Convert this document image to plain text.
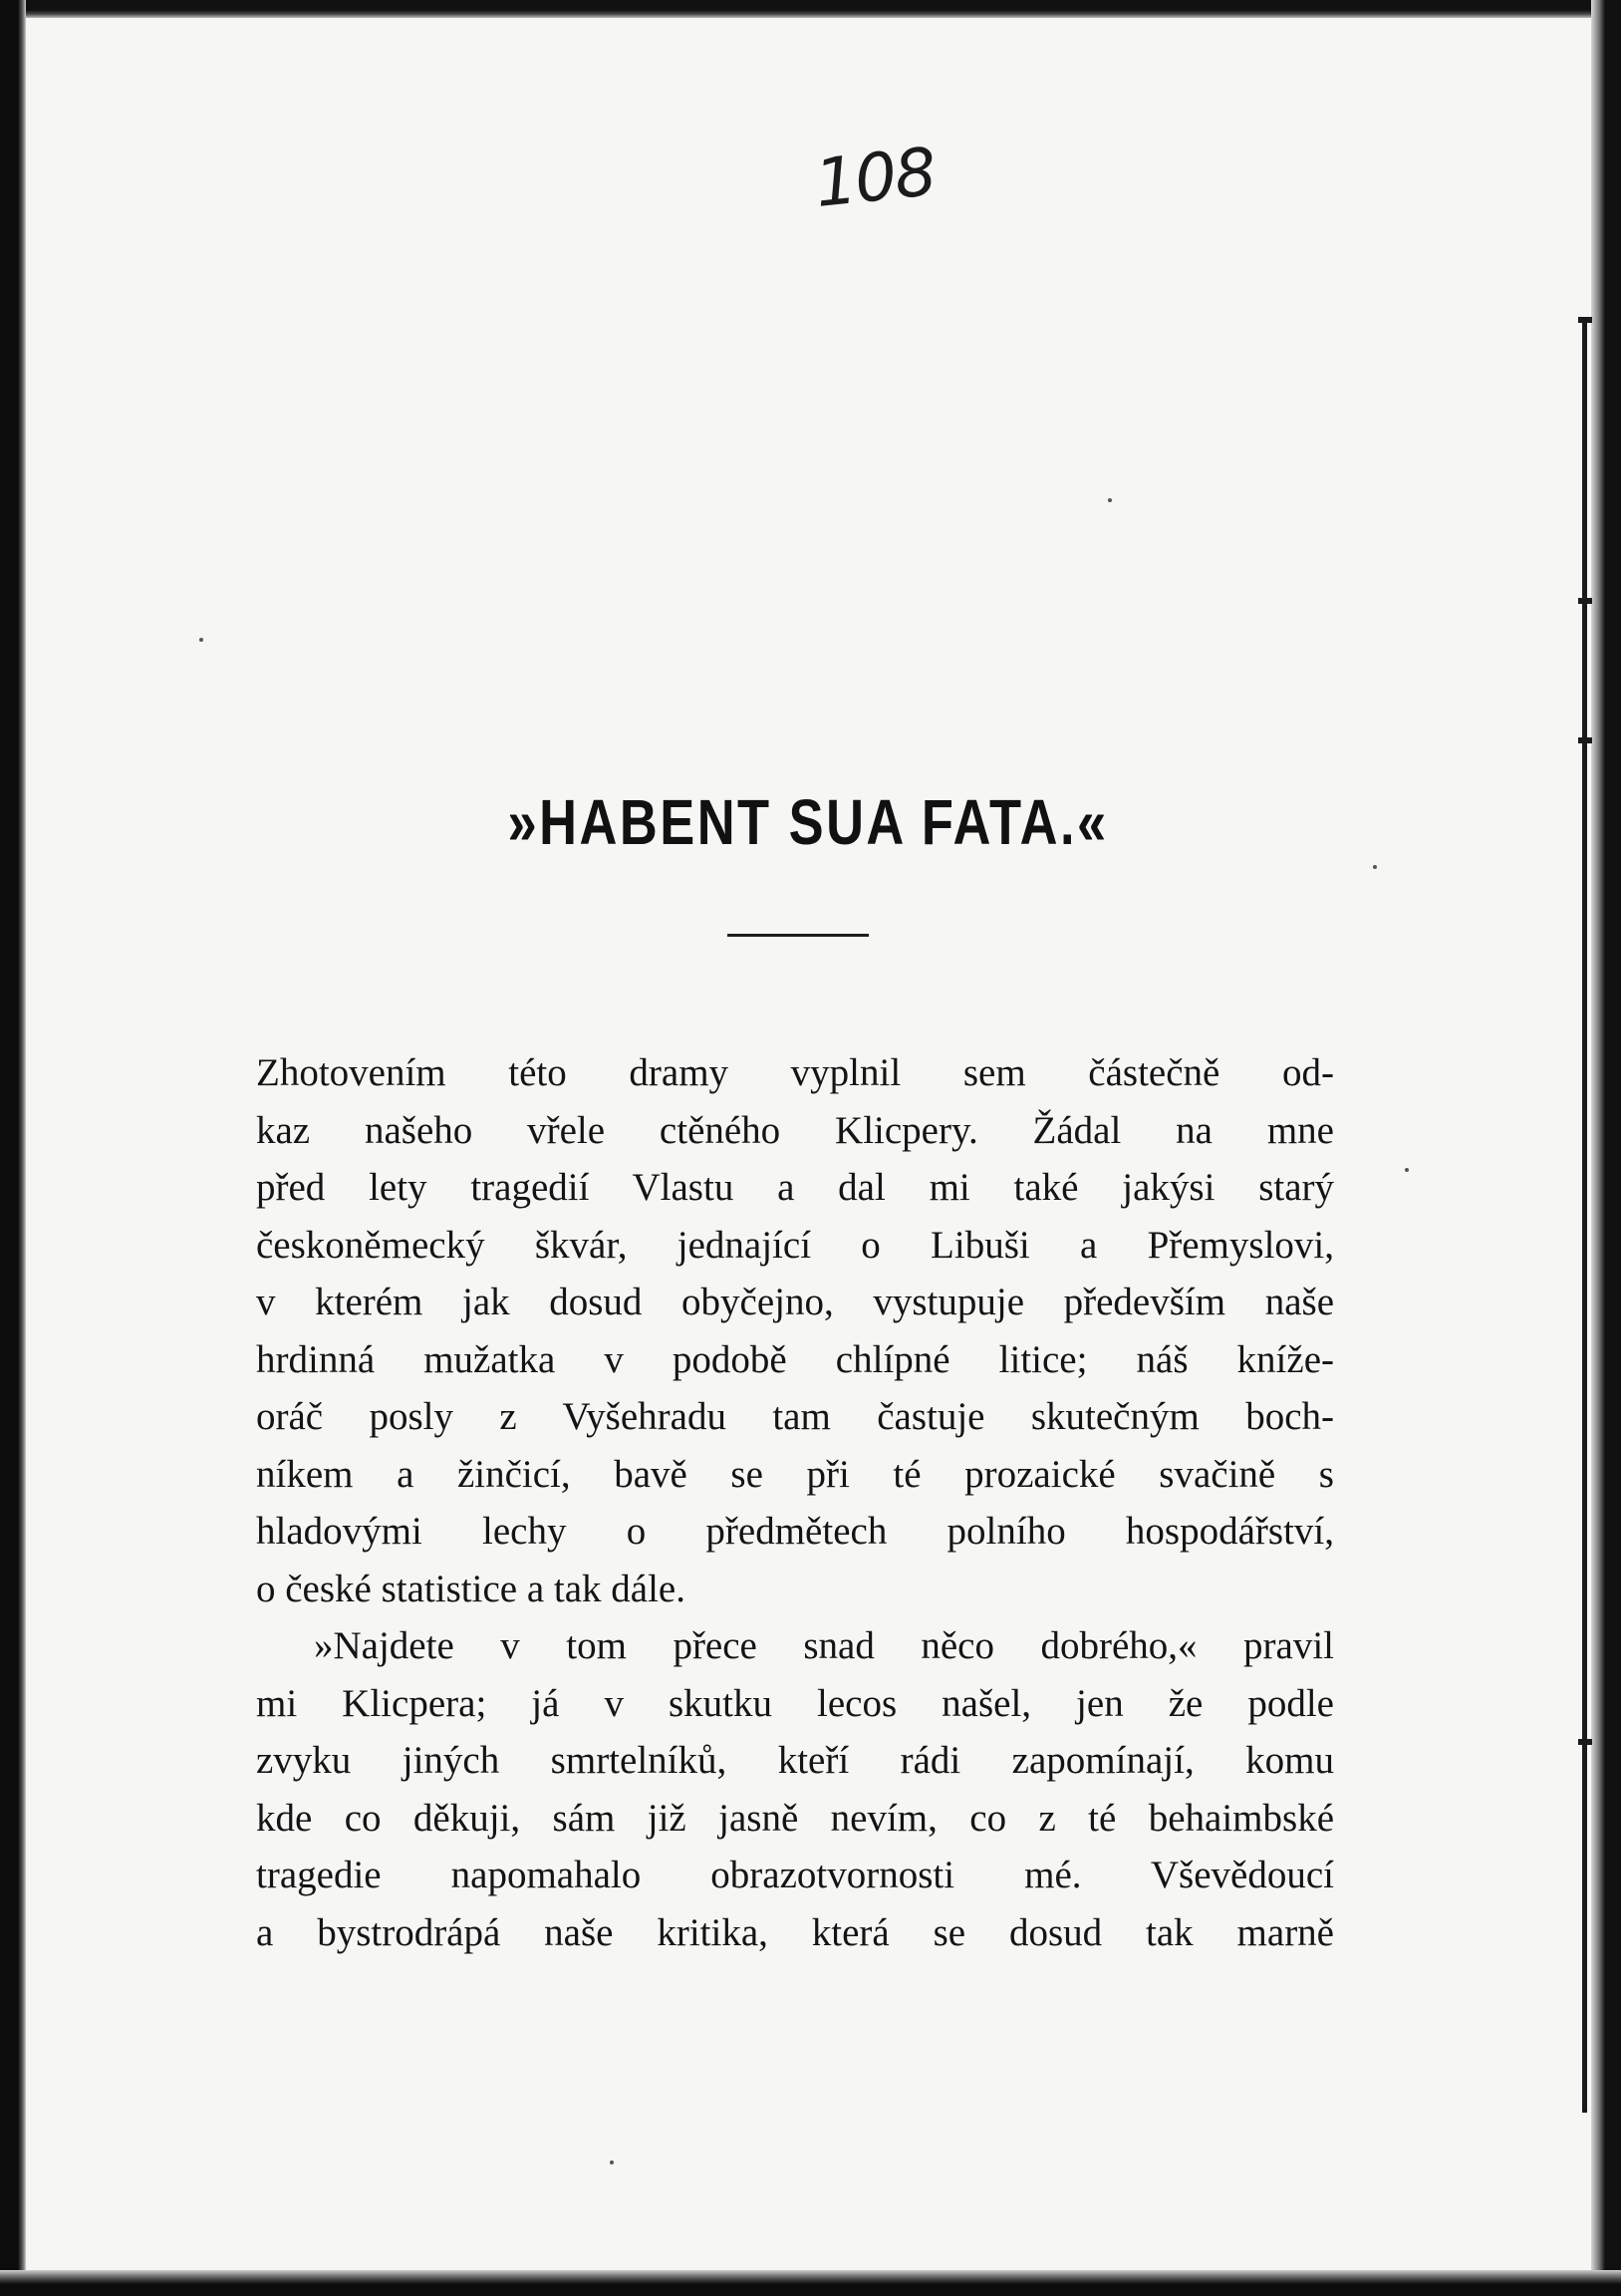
108
»HABENT SUA FATA.«
Zhotovením této dramy vyplnil sem částečně od-
kaz našeho vřele ctěného Klicpery. Žádal na mne
před lety tragedií Vlastu a dal mi také jakýsi starý
českoněmecký škvár, jednající o Libuši a Přemyslovi,
v kterém jak dosud obyčejno, vystupuje především naše
hrdinná mužatka v podobě chlípné litice; náš kníže-
oráč posly z Vyšehradu tam častuje skutečným boch-
níkem a žinčicí, bavě se při té prozaické svačině s
hladovými lechy o předmětech polního hospodářství,
o české statistice a tak dále.
»Najdete v tom přece snad něco dobrého,« pravil
mi Klicpera; já v skutku lecos našel, jen že podle
zvyku jiných smrtelníků, kteří rádi zapomínají, komu
kde co děkuji, sám již jasně nevím, co z té behaimbské
tragedie napomahalo obrazotvornosti mé. Vševědoucí
a bystrodrápá naše kritika, která se dosud tak marně
